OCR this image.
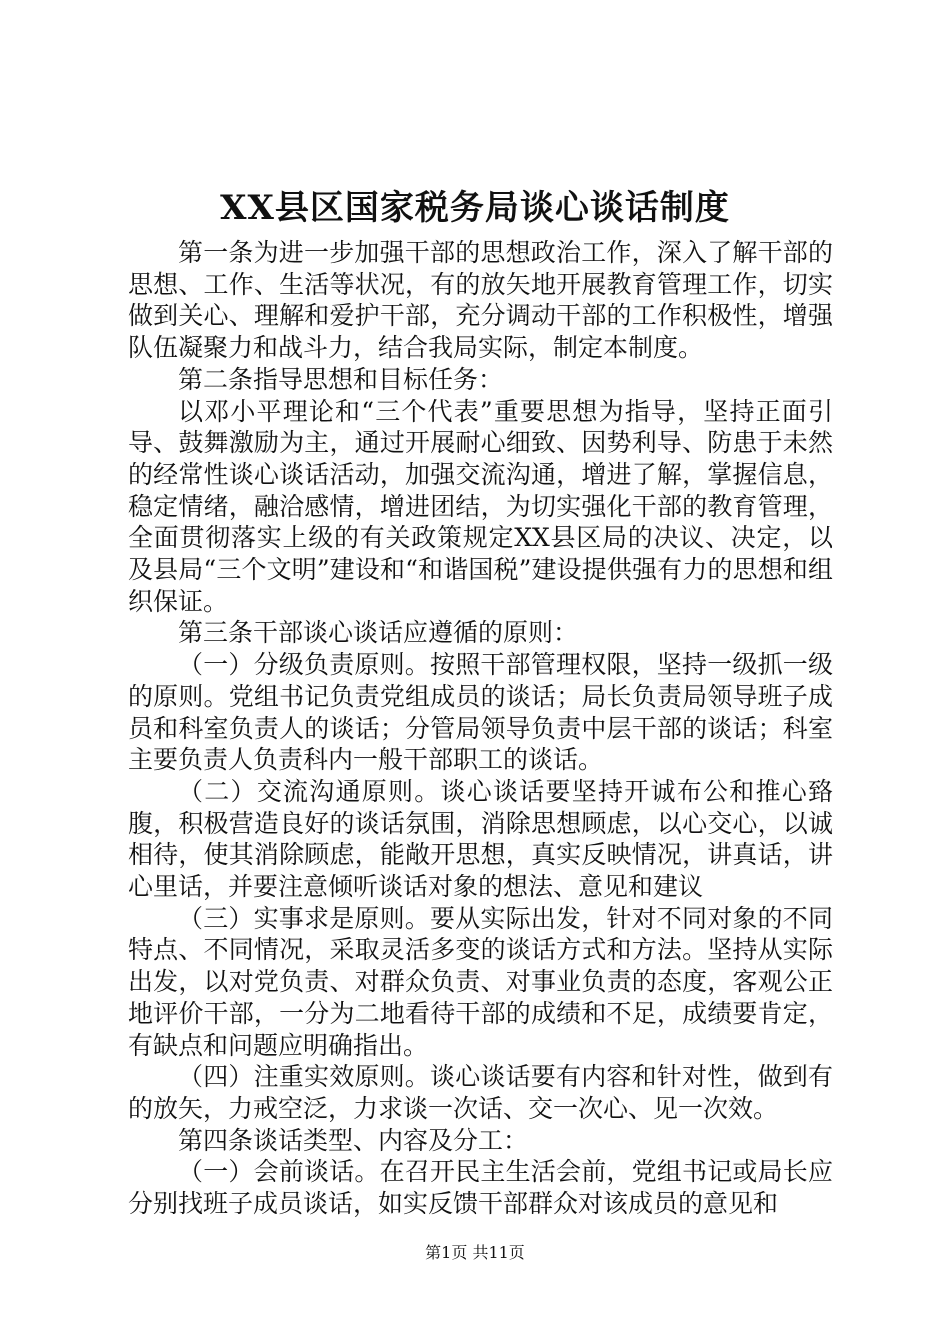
XX县区国家税务局谈心谈话制度

第一条为进一步加强干部的思想政治工作，深入了解干部的思想、工作、生活等状况，有的放矢地开展教育管理工作，切实做到关心、理解和爱护干部，充分调动干部的工作积极性，增强队伍凝聚力和战斗力，结合我局实际，制定本制度。

第二条指导思想和目标任务：

以邓小平理论和“三个代表”重要思想为指导，坚持正面引导、鼓舞激励为主，通过开展耐心细致、因势利导、防患于未然的经常性谈心谈话活动，加强交流沟通，增进了解，掌握信息，稳定情绪，融洽感情，增进团结，为切实强化干部的教育管理，全面贯彻落实上级的有关政策规定XX县区局的决议、决定，以及县局“三个文明”建设和“和谐国税”建设提供强有力的思想和组织保证。

第三条干部谈心谈话应遵循的原则：

（一）分级负责原则。按照干部管理权限，坚持一级抓一级的原则。党组书记负责党组成员的谈话；局长负责局领导班子成员和科室负责人的谈话；分管局领导负责中层干部的谈话；科室主要负责人负责科内一般干部职工的谈话。

（二）交流沟通原则。谈心谈话要坚持开诚布公和推心臵腹，积极营造良好的谈话氛围，消除思想顾虑，以心交心，以诚相待，使其消除顾虑，能敞开思想，真实反映情况，讲真话，讲心里话，并要注意倾听谈话对象的想法、意见和建议

（三）实事求是原则。要从实际出发，针对不同对象的不同特点、不同情况，采取灵活多变的谈话方式和方法。坚持从实际出发，以对党负责、对群众负责、对事业负责的态度，客观公正地评价干部，一分为二地看待干部的成绩和不足，成绩要肯定，有缺点和问题应明确指出。

（四）注重实效原则。谈心谈话要有内容和针对性，做到有的放矢，力戒空泛，力求谈一次话、交一次心、见一次效。

第四条谈话类型、内容及分工：

（一）会前谈话。在召开民主生活会前，党组书记或局长应分别找班子成员谈话，如实反馈干部群众对该成员的意见和

第1页 共11页
